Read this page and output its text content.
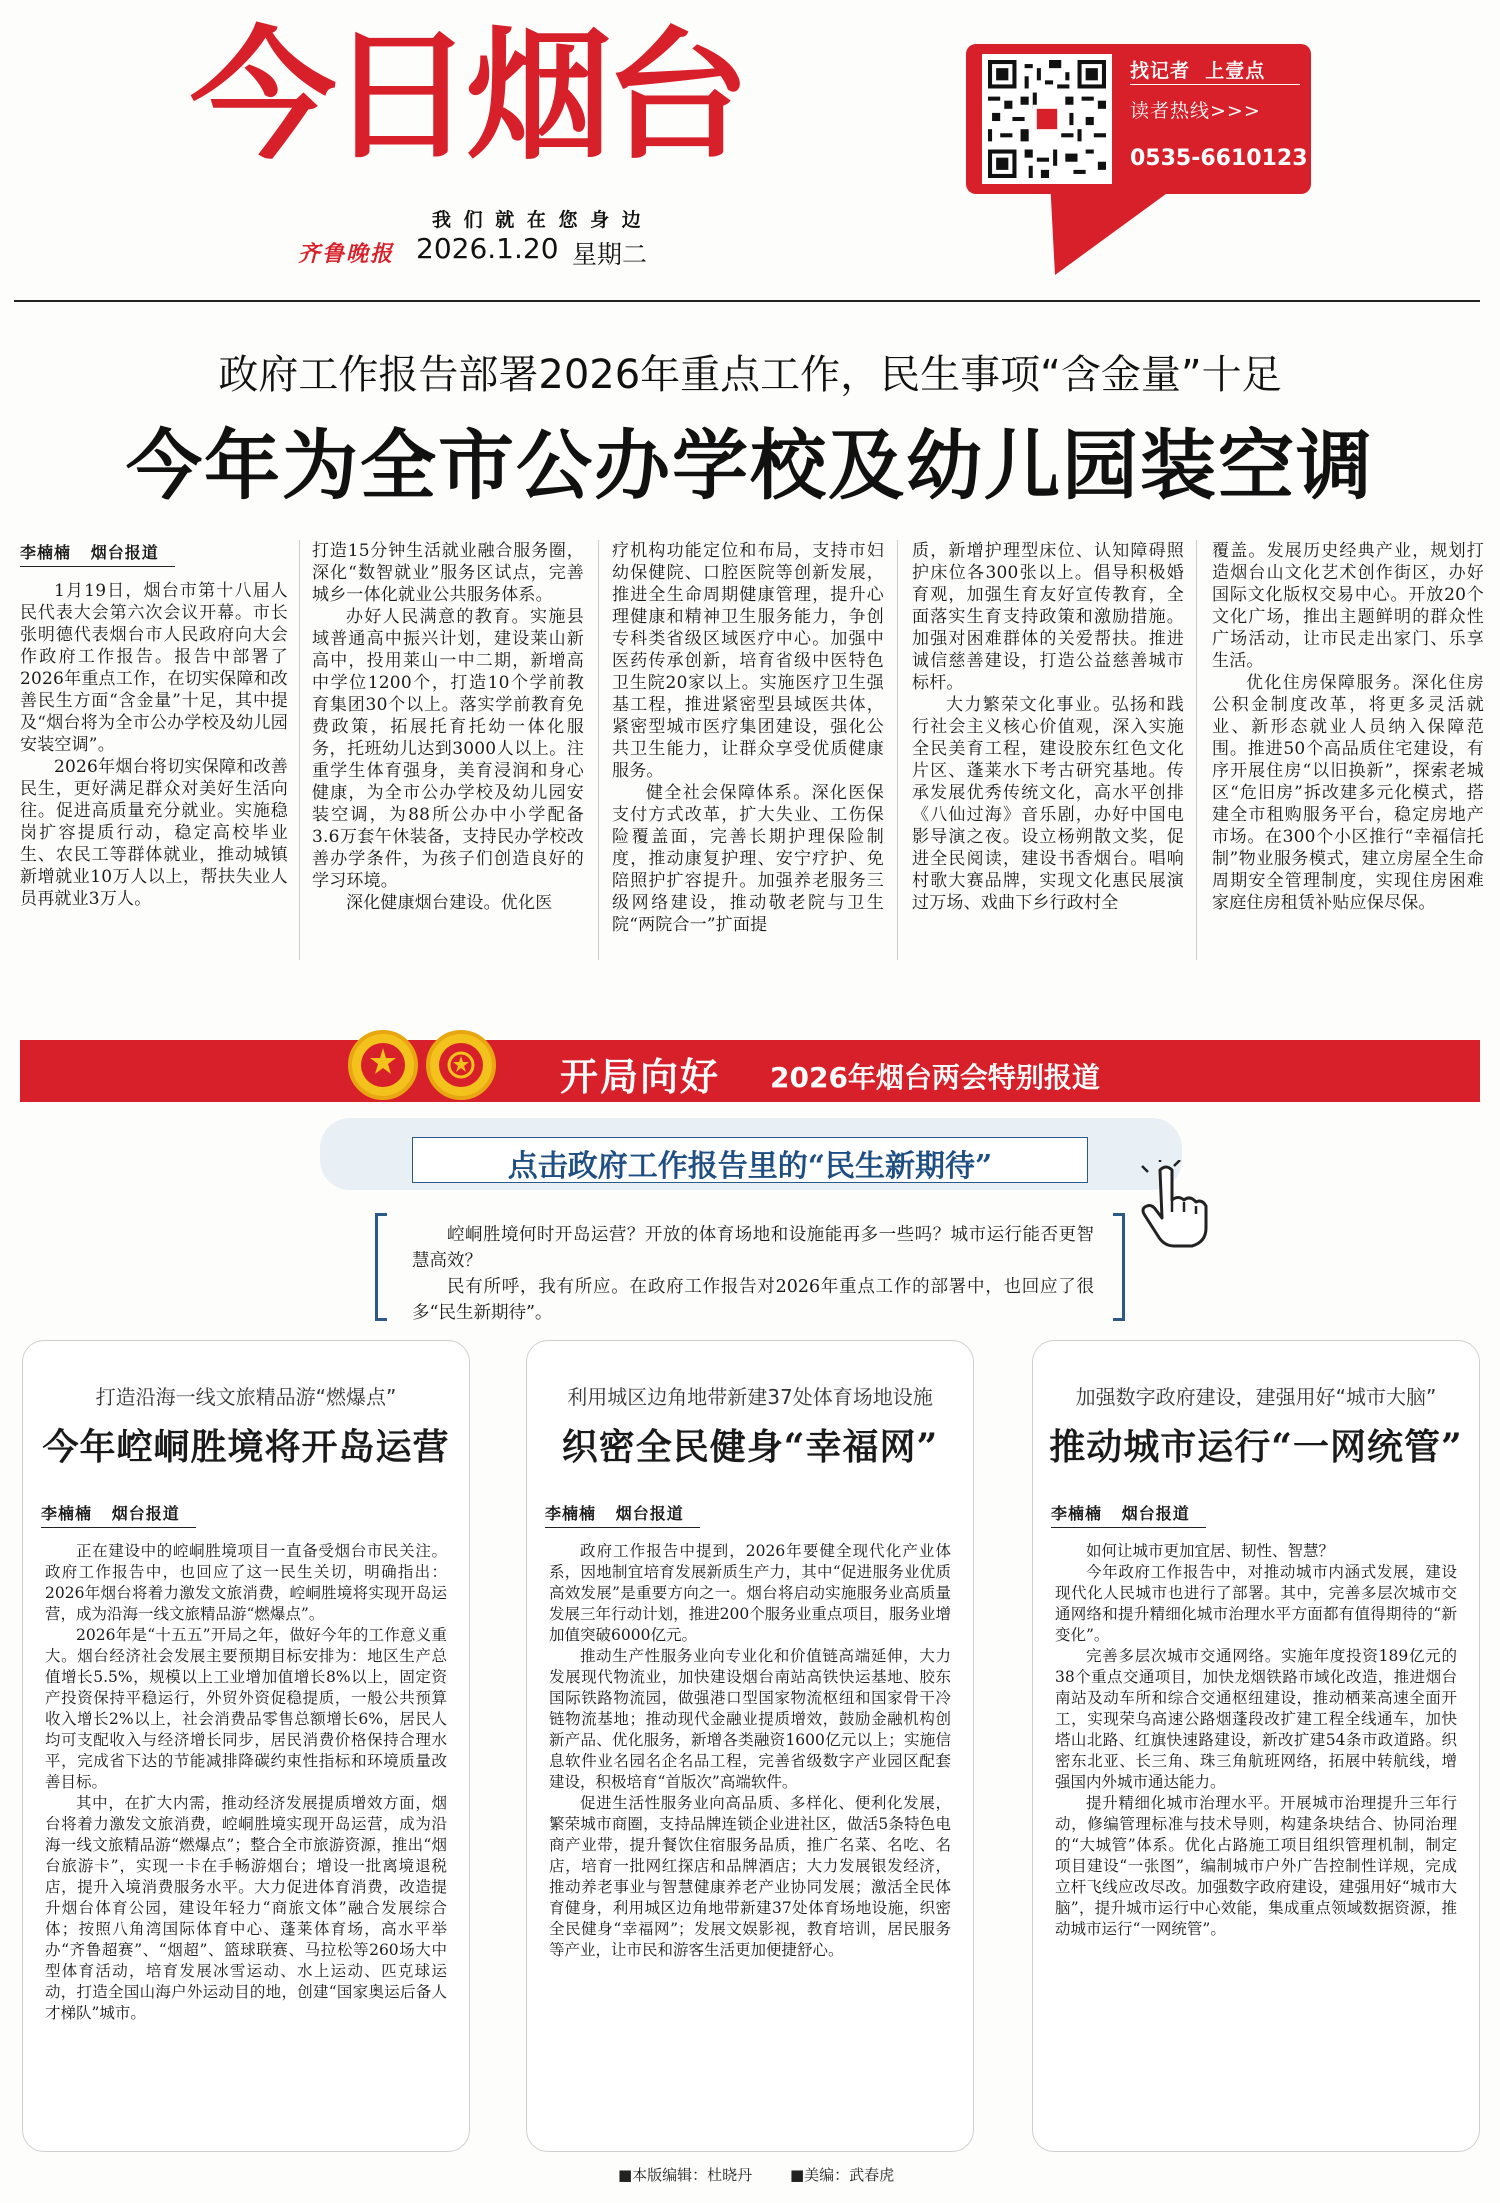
今日烟台
我 们 就 在 您 身 边
齐鲁晚报 2026.1.20 星期二
找记者  上壹点
读者热线>>>
0535-6610123
政府工作报告部署2026年重点工作，民生事项“含金量”十足
今年为全市公办学校及幼儿园装空调
李楠楠   烟台报道

1月19日，烟台市第十八届人民代表大会第六次会议开幕。市长张明德代表烟台市人民政府向大会作政府工作报告。报告中部署了2026年重点工作，在切实保障和改善民生方面“含金量”十足，其中提及“烟台将为全市公办学校及幼儿园安装空调”。

2026年烟台将切实保障和改善民生，更好满足群众对美好生活向往。促进高质量充分就业。实施稳岗扩容提质行动，稳定高校毕业生、农民工等群体就业，推动城镇新增就业10万人以上，帮扶失业人员再就业3万人。

打造15分钟生活就业融合服务圈，深化“数智就业”服务区试点，完善城乡一体化就业公共服务体系。

办好人民满意的教育。实施县域普通高中振兴计划，建设莱山新高中，投用莱山一中二期，新增高中学位1200个，打造10个学前教育集团30个以上。落实学前教育免费政策，拓展托育托幼一体化服务，托班幼儿达到3000人以上。注重学生体育强身，美育浸润和身心健康，为全市公办学校及幼儿园安装空调，为88所公办中小学配备3.6万套午休装备，支持民办学校改善办学条件，为孩子们创造良好的学习环境。

深化健康烟台建设。优化医

疗机构功能定位和布局，支持市妇幼保健院、口腔医院等创新发展，推进全生命周期健康管理，提升心理健康和精神卫生服务能力，争创专科类省级区域医疗中心。加强中医药传承创新，培育省级中医特色卫生院20家以上。实施医疗卫生强基工程，推进紧密型县域医共体，紧密型城市医疗集团建设，强化公共卫生能力，让群众享受优质健康服务。

健全社会保障体系。深化医保支付方式改革，扩大失业、工伤保险覆盖面，完善长期护理保险制度，推动康复护理、安宁疗护、免陪照护扩容提升。加强养老服务三级网络建设，推动敬老院与卫生院“两院合一”扩面提

质，新增护理型床位、认知障碍照护床位各300张以上。倡导积极婚育观，加强生育友好宣传教育，全面落实生育支持政策和激励措施。加强对困难群体的关爱帮扶。推进诚信慈善建设，打造公益慈善城市标杆。

大力繁荣文化事业。弘扬和践行社会主义核心价值观，深入实施全民美育工程，建设胶东红色文化片区、蓬莱水下考古研究基地。传承发展优秀传统文化，高水平创排《八仙过海》音乐剧，办好中国电影导演之夜。设立杨朔散文奖，促进全民阅读，建设书香烟台。唱响村歌大赛品牌，实现文化惠民展演过万场、戏曲下乡行政村全

覆盖。发展历史经典产业，规划打造烟台山文化艺术创作街区，办好国际文化版权交易中心。开放20个文化广场，推出主题鲜明的群众性广场活动，让市民走出家门、乐享生活。

优化住房保障服务。深化住房公积金制度改革，将更多灵活就业、新形态就业人员纳入保障范围。推进50个高品质住宅建设，有序开展住房“以旧换新”，探索老城区“危旧房”拆改建多元化模式，搭建全市租购服务平台，稳定房地产市场。在300个小区推行“幸福信托制”物业服务模式，建立房屋全生命周期安全管理制度，实现住房困难家庭住房租赁补贴应保尽保。

开局向好 2026年烟台两会特别报道
点击政府工作报告里的“民生新期待”

崆峒胜境何时开岛运营？开放的体育场地和设施能再多一些吗？城市运行能否更智慧高效？

民有所呼，我有所应。在政府工作报告对2026年重点工作的部署中，也回应了很多“民生新期待”。

打造沿海一线文旅精品游“燃爆点”
今年崆峒胜境将开岛运营
李楠楠   烟台报道

正在建设中的崆峒胜境项目一直备受烟台市民关注。政府工作报告中，也回应了这一民生关切，明确指出：2026年烟台将着力激发文旅消费，崆峒胜境将实现开岛运营，成为沿海一线文旅精品游“燃爆点”。

2026年是“十五五”开局之年，做好今年的工作意义重大。烟台经济社会发展主要预期目标安排为：地区生产总值增长5.5%，规模以上工业增加值增长8%以上，固定资产投资保持平稳运行，外贸外资促稳提质，一般公共预算收入增长2%以上，社会消费品零售总额增长6%，居民人均可支配收入与经济增长同步，居民消费价格保持合理水平，完成省下达的节能减排降碳约束性指标和环境质量改善目标。

其中，在扩大内需，推动经济发展提质增效方面，烟台将着力激发文旅消费，崆峒胜境实现开岛运营，成为沿海一线文旅精品游“燃爆点”；整合全市旅游资源，推出“烟台旅游卡”，实现一卡在手畅游烟台；增设一批离境退税店，提升入境消费服务水平。大力促进体育消费，改造提升烟台体育公园，建设年轻力“商旅文体”融合发展综合体；按照八角湾国际体育中心、蓬莱体育场，高水平举办“齐鲁超赛”、“烟超”、篮球联赛、马拉松等260场大中型体育活动，培育发展冰雪运动、水上运动、匹克球运动，打造全国山海户外运动目的地，创建“国家奥运后备人才梯队”城市。

利用城区边角地带新建37处体育场地设施
织密全民健身“幸福网”
李楠楠   烟台报道

政府工作报告中提到，2026年要健全现代化产业体系，因地制宜培育发展新质生产力，其中“促进服务业优质高效发展”是重要方向之一。烟台将启动实施服务业高质量发展三年行动计划，推进200个服务业重点项目，服务业增加值突破6000亿元。

推动生产性服务业向专业化和价值链高端延伸，大力发展现代物流业，加快建设烟台南站高铁快运基地、胶东国际铁路物流园，做强港口型国家物流枢纽和国家骨干冷链物流基地；推动现代金融业提质增效，鼓励金融机构创新产品、优化服务，新增各类融资1600亿元以上；实施信息软件业名园名企名品工程，完善省级数字产业园区配套建设，积极培育“首版次”高端软件。

促进生活性服务业向高品质、多样化、便利化发展，繁荣城市商圈，支持品牌连锁企业进社区，做活5条特色电商产业带，提升餐饮住宿服务品质，推广名菜、名吃、名店，培育一批网红探店和品牌酒店；大力发展银发经济，推动养老事业与智慧健康养老产业协同发展；激活全民体育健身，利用城区边角地带新建37处体育场地设施，织密全民健身“幸福网”；发展文娱影视，教育培训，居民服务等产业，让市民和游客生活更加便捷舒心。

加强数字政府建设，建强用好“城市大脑”
推动城市运行“一网统管”
李楠楠   烟台报道

如何让城市更加宜居、韧性、智慧？

今年政府工作报告中，对推动城市内涵式发展，建设现代化人民城市也进行了部署。其中，完善多层次城市交通网络和提升精细化城市治理水平方面都有值得期待的“新变化”。

完善多层次城市交通网络。实施年度投资189亿元的38个重点交通项目，加快龙烟铁路市域化改造，推进烟台南站及动车所和综合交通枢纽建设，推动栖莱高速全面开工，实现荣乌高速公路烟蓬段改扩建工程全线通车，加快塔山北路、红旗快速路建设，新改扩建54条市政道路。织密东北亚、长三角、珠三角航班网络，拓展中转航线，增强国内外城市通达能力。

提升精细化城市治理水平。开展城市治理提升三年行动，修编管理标准与技术导则，构建条块结合、协同治理的“大城管”体系。优化占路施工项目组织管理机制，制定项目建设“一张图”，编制城市户外广告控制性详规，完成立杆飞线应改尽改。加强数字政府建设，建强用好“城市大脑”，提升城市运行中心效能，集成重点领域数据资源，推动城市运行“一网统管”。

■本版编辑：杜晓丹	■美编：武春虎
